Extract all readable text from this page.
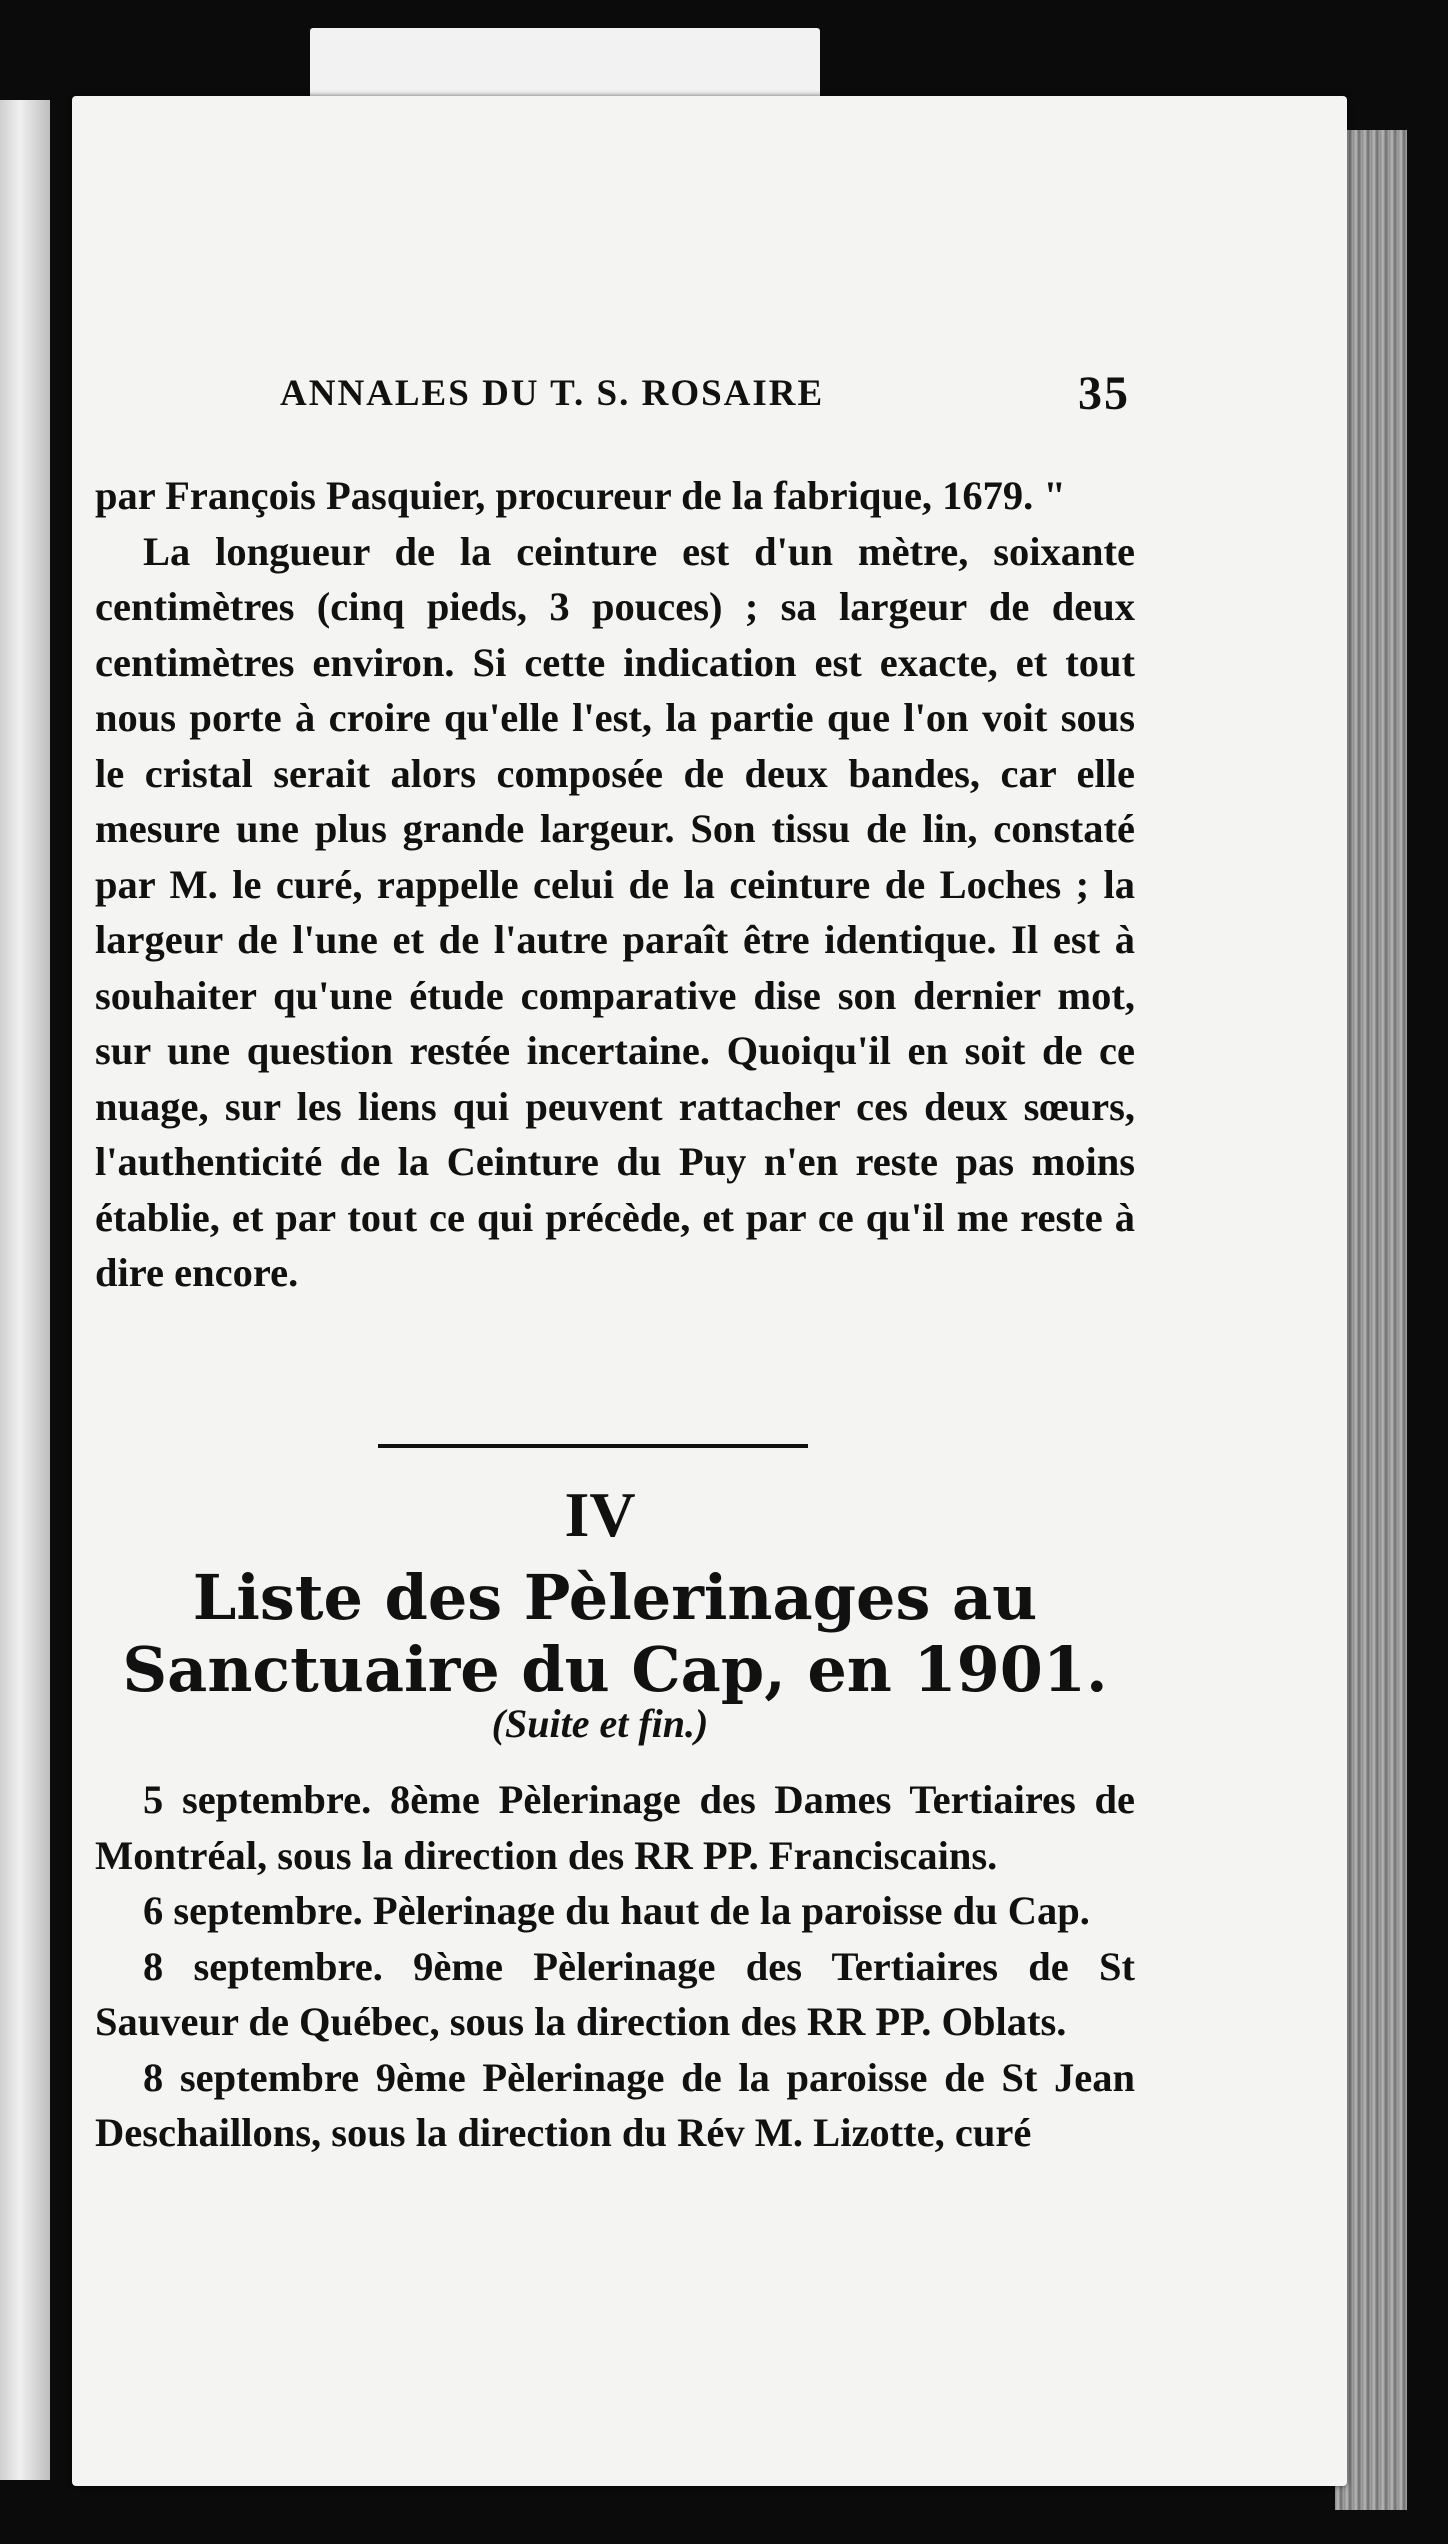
ANNALES DU T. S. ROSAIRE	35

par François Pasquier, procureur de la fabrique, 1679. "

La longueur de la ceinture est d'un mètre, soixante centimètres (cinq pieds, 3 pouces) ; sa largeur de deux centimètres environ. Si cette indication est exacte, et tout nous porte à croire qu'elle l'est, la partie que l'on voit sous le cristal serait alors composée de deux bandes, car elle mesure une plus grande largeur. Son tissu de lin, constaté par M. le curé, rappelle celui de la ceinture de Loches ; la largeur de l'une et de l'autre paraît être identique. Il est à souhaiter qu'une étude comparative dise son dernier mot, sur une question restée incertaine. Quoiqu'il en soit de ce nuage, sur les liens qui peuvent rattacher ces deux sœurs, l'authenticité de la Ceinture du Puy n'en reste pas moins établie, et par tout ce qui précède, et par ce qu'il me reste à dire encore.

IV
Liste des Pèlerinages au Sanctuaire du Cap, en 1901.
(Suite et fin.)

5 septembre. 8ème Pèlerinage des Dames Tertiaires de Montréal, sous la direction des RR PP. Franciscains.

6 septembre. Pèlerinage du haut de la paroisse du Cap.

8 septembre. 9ème Pèlerinage des Tertiaires de St Sauveur de Québec, sous la direction des RR PP. Oblats.

8 septembre 9ème Pèlerinage de la paroisse de St Jean Deschaillons, sous la direction du Rév M. Lizotte, curé
